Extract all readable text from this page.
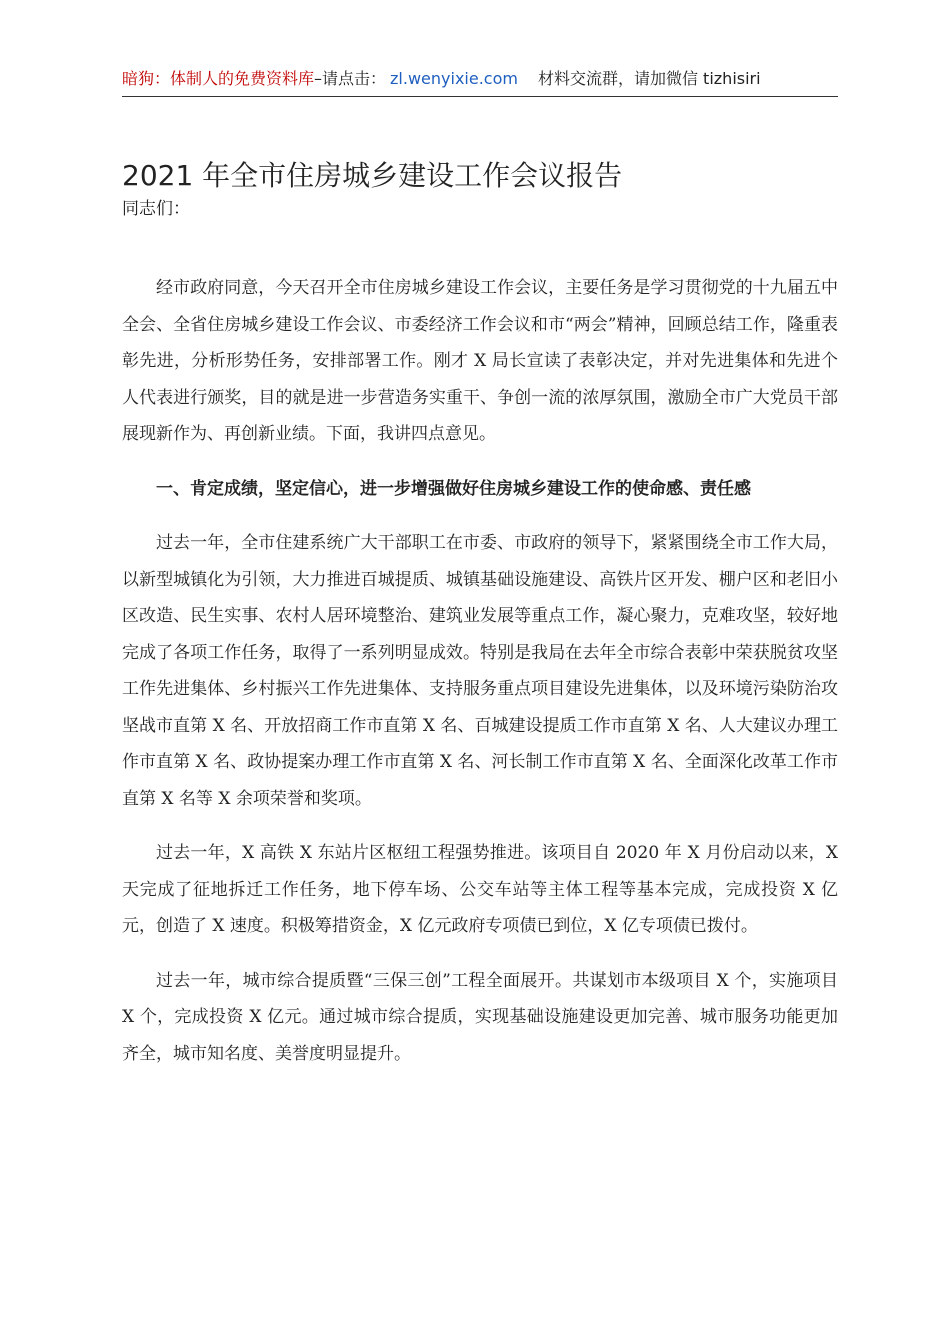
暗狗：体制人的免费资料库–请点击： zl.wenyixie.com 材料交流群，请加微信 tizhisiri
2021 年全市住房城乡建设工作会议报告

同志们：

经市政府同意，今天召开全市住房城乡建设工作会议，主要任务是学习贯彻党的十九届五中全会、全省住房城乡建设工作会议、市委经济工作会议和市“两会”精神，回顾总结工作，隆重表彰先进，分析形势任务，安排部署工作。刚才 X 局长宣读了表彰决定，并对先进集体和先进个人代表进行颁奖，目的就是进一步营造务实重干、争创一流的浓厚氛围，激励全市广大党员干部展现新作为、再创新业绩。下面，我讲四点意见。

一、肯定成绩，坚定信心，进一步增强做好住房城乡建设工作的使命感、责任感

过去一年，全市住建系统广大干部职工在市委、市政府的领导下，紧紧围绕全市工作大局，以新型城镇化为引领，大力推进百城提质、城镇基础设施建设、高铁片区开发、棚户区和老旧小区改造、民生实事、农村人居环境整治、建筑业发展等重点工作，凝心聚力，克难攻坚，较好地完成了各项工作任务，取得了一系列明显成效。特别是我局在去年全市综合表彰中荣获脱贫攻坚工作先进集体、乡村振兴工作先进集体、支持服务重点项目建设先进集体，以及环境污染防治攻坚战市直第 X 名、开放招商工作市直第 X 名、百城建设提质工作市直第 X 名、人大建议办理工作市直第 X 名、政协提案办理工作市直第 X 名、河长制工作市直第 X 名、全面深化改革工作市直第 X 名等 X 余项荣誉和奖项。

过去一年，X 高铁 X 东站片区枢纽工程强势推进。该项目自 2020 年 X 月份启动以来，X 天完成了征地拆迁工作任务，地下停车场、公交车站等主体工程等基本完成，完成投资 X 亿元，创造了 X 速度。积极筹措资金，X 亿元政府专项债已到位，X 亿专项债已拨付。

过去一年，城市综合提质暨“三保三创”工程全面展开。共谋划市本级项目 X 个，实施项目 X 个，完成投资 X 亿元。通过城市综合提质，实现基础设施建设更加完善、城市服务功能更加齐全，城市知名度、美誉度明显提升。
